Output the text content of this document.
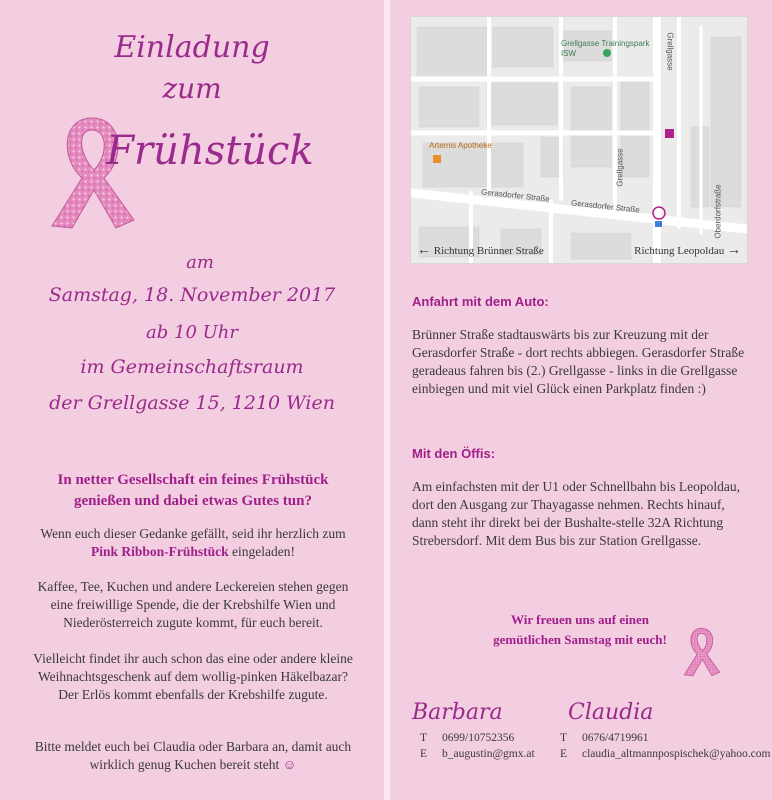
Einladung
zum
Frühstück
am
Samstag, 18. November 2017
ab 10 Uhr
im Gemeinschaftsraum
der Grellgasse 15, 1210 Wien
In netter Gesellschaft ein feines Frühstück genießen und dabei etwas Gutes tun?
Wenn euch dieser Gedanke gefällt, seid ihr herzlich zum Pink Ribbon-Frühstück eingeladen!
Kaffee, Tee, Kuchen und andere Leckereien stehen gegen eine freiwillige Spende, die der Krebshilfe Wien und Niederösterreich zugute kommt, für euch bereit.
Vielleicht findet ihr auch schon das eine oder andere kleine Weihnachtsgeschenk auf dem wollig-pinken Häkelbazar? Der Erlös kommt ebenfalls der Krebshilfe zugute.
Bitte meldet euch bei Claudia oder Barbara an, damit auch wirklich genug Kuchen bereit steht ☺
Grellgasse Trainingspark ISW
Artemis Apotheke
Gerasdorfer Straße
Gerasdorfer Straße
Grellgasse
Grellgasse
Oberdorfstraße
← Richtung Brünner Straße	Richtung Leopoldau →
Anfahrt mit dem Auto:
Brünner Straße stadtauswärts bis zur Kreuzung mit der Gerasdorfer Straße - dort rechts abbiegen. Gerasdorfer Straße geradeaus fahren bis (2.) Grellgasse - links in die Grellgasse einbiegen und mit viel Glück einen Parkplatz finden :)
Mit den Öffis:
Am einfachsten mit der U1 oder Schnellbahn bis Leopoldau, dort den Ausgang zur Thayagasse nehmen. Rechts hinauf, dann steht ihr direkt bei der Bushalte-stelle 32A Richtung Strebersdorf. Mit dem Bus bis zur Station Grellgasse.
Wir freuen uns auf einen
gemütlichen Samstag mit euch!
Barbara	Claudia
T 0699/10752356
E b_augustin@gmx.at
T 0676/4719961
E claudia_altmannpospischek@yahoo.com
